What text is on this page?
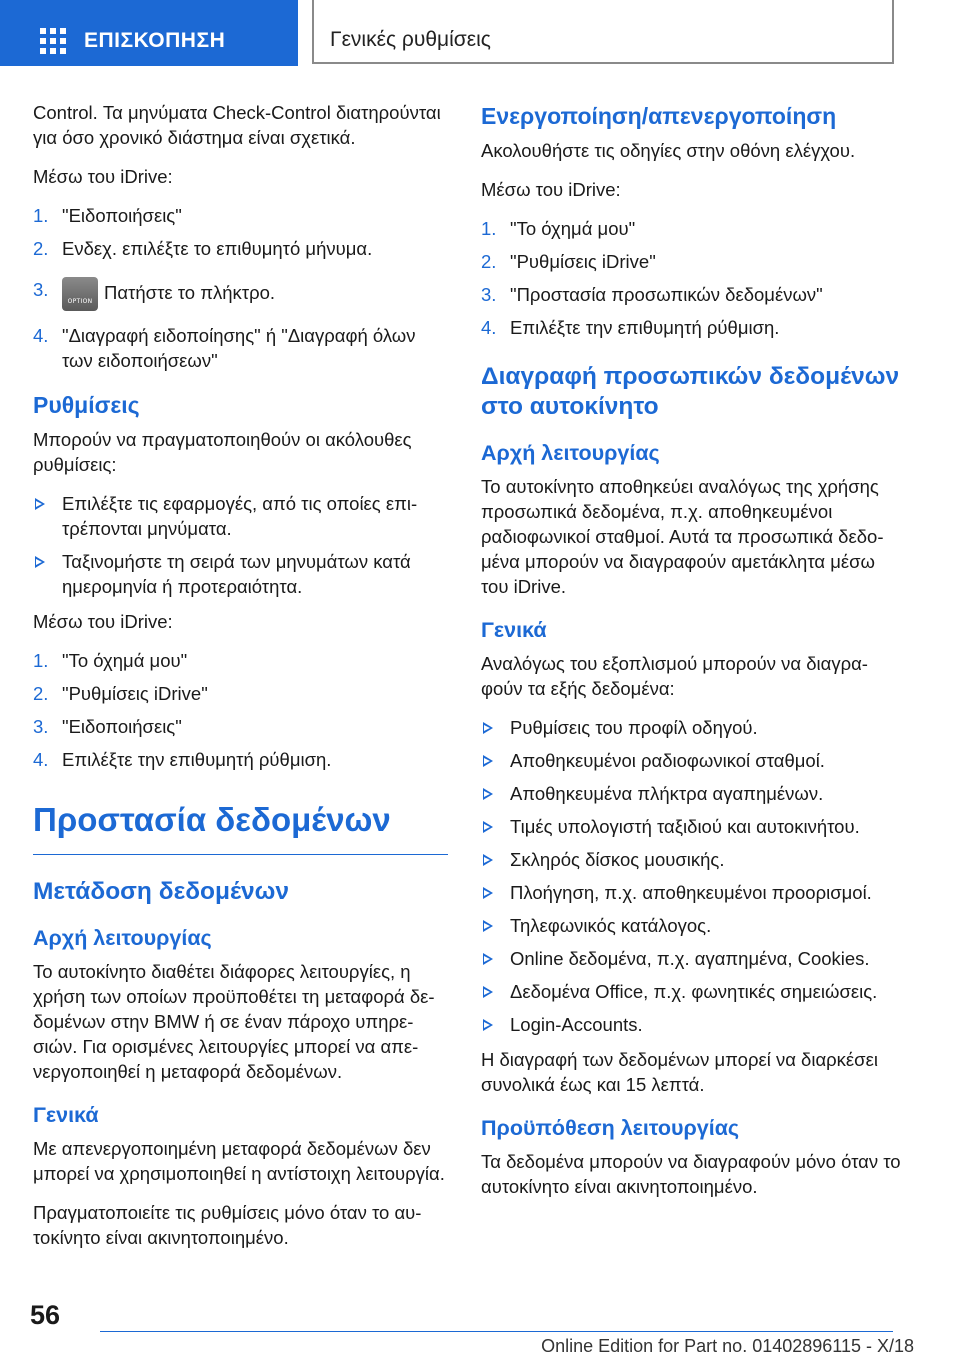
ΕΠΙΣΚΟΠΗΣΗ	Γενικές ρυθμίσεις

Control. Τα μηνύματα Check-Control διατηρούνται για όσο χρονικό διάστημα είναι σχετικά.

Μέσω του iDrive:

1. "Ειδοποιήσεις"
2. Ενδεχ. επιλέξτε το επιθυμητό μήνυμα.
3.
OPTION Πατήστε το πλήκτρο.
4. "Διαγραφή ειδοποίησης" ή "Διαγραφή όλων των ειδοποιήσεων"
Ρυθμίσεις

Μπορούν να πραγματοποιηθούν οι ακόλουθες ρυθμίσεις:

Επιλέξτε τις εφαρμογές, από τις οποίες επιτρέπονται μηνύματα.
Ταξινομήστε τη σειρά των μηνυμάτων κατά ημερομηνία ή προτεραιότητα.

Μέσω του iDrive:

1. "Το όχημά μου"
2. "Ρυθμίσεις iDrive"
3. "Ειδοποιήσεις"
4. Επιλέξτε την επιθυμητή ρύθμιση.
Προστασία δεδομένων
Μετάδοση δεδομένων
Αρχή λειτουργίας

Το αυτοκίνητο διαθέτει διάφορες λειτουργίες, η χρήση των οποίων προϋποθέτει τη μεταφορά δεδομένων στην BMW ή σε έναν πάροχο υπηρεσιών. Για ορισμένες λειτουργίες μπορεί να απενεργοποιηθεί η μεταφορά δεδομένων.

Γενικά

Με απενεργοποιημένη μεταφορά δεδομένων δεν μπορεί να χρησιμοποιηθεί η αντίστοιχη λειτουργία.

Πραγματοποιείτε τις ρυθμίσεις μόνο όταν το αυτοκίνητο είναι ακινητοποιημένο.

Ενεργοποίηση/απενεργοποίηση

Ακολουθήστε τις οδηγίες στην οθόνη ελέγχου.

Μέσω του iDrive:

1. "Το όχημά μου"
2. "Ρυθμίσεις iDrive"
3. "Προστασία προσωπικών δεδομένων"
4. Επιλέξτε την επιθυμητή ρύθμιση.
Διαγραφή προσωπικών δεδομένων στο αυτοκίνητο
Αρχή λειτουργίας

Το αυτοκίνητο αποθηκεύει αναλόγως της χρήσης προσωπικά δεδομένα, π.χ. αποθηκευμένοι ραδιοφωνικοί σταθμοί. Αυτά τα προσωπικά δεδομένα μπορούν να διαγραφούν αμετάκλητα μέσω του iDrive.

Γενικά

Αναλόγως του εξοπλισμού μπορούν να διαγραφούν τα εξής δεδομένα:

Ρυθμίσεις του προφίλ οδηγού.
Αποθηκευμένοι ραδιοφωνικοί σταθμοί.
Αποθηκευμένα πλήκτρα αγαπημένων.
Τιμές υπολογιστή ταξιδιού και αυτοκινήτου.
Σκληρός δίσκος μουσικής.
Πλοήγηση, π.χ. αποθηκευμένοι προορισμοί.
Τηλεφωνικός κατάλογος.
Online δεδομένα, π.χ. αγαπημένα, Cookies.
Δεδομένα Office, π.χ. φωνητικές σημειώσεις.
Login-Accounts.

Η διαγραφή των δεδομένων μπορεί να διαρκέσει συνολικά έως και 15 λεπτά.

Προϋπόθεση λειτουργίας

Τα δεδομένα μπορούν να διαγραφούν μόνο όταν το αυτοκίνητο είναι ακινητοποιημένο.

56
Online Edition for Part no. 01402896115 - X/18
